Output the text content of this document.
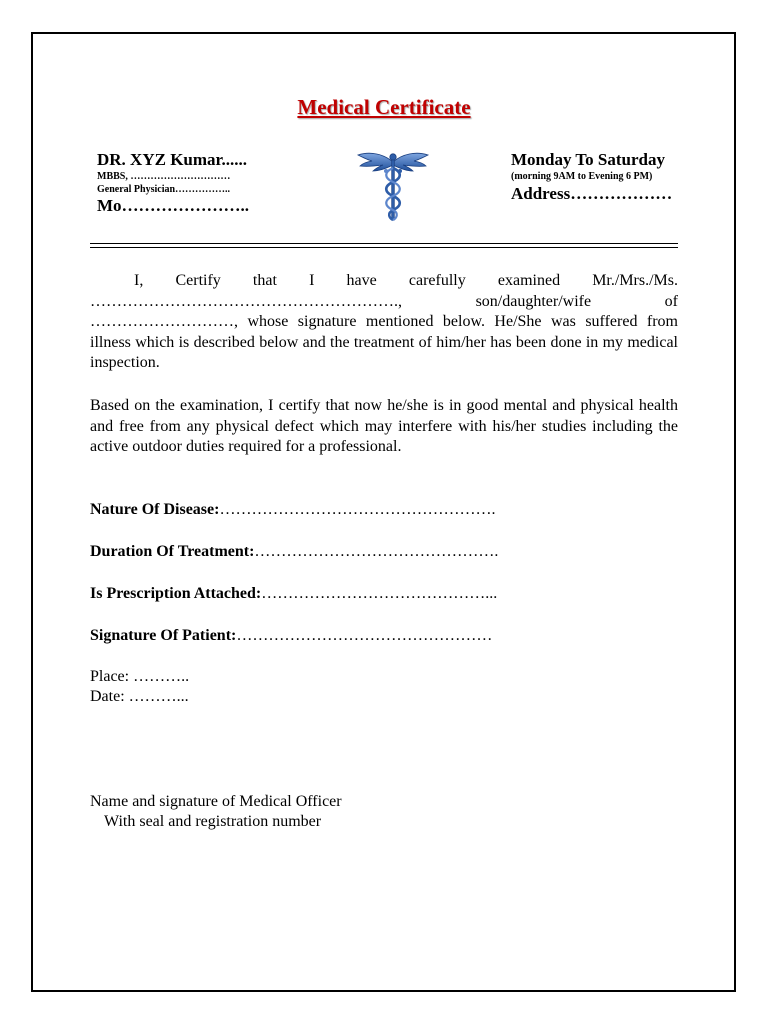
Medical Certificate
DR. XYZ Kumar......
MBBS, …………………………
General Physician……………..
Mo…………………..
Monday To Saturday
(morning 9AM to Evening 6 PM)
Address………………
I, Certify that I have carefully examined Mr./Mrs./Ms. …………………………………………………., son/daughter/wife of ………………………, whose signature mentioned below. He/She was suffered from illness which is described below and the treatment of him/her has been done in my medical inspection.
Based on the examination, I certify that now he/she is in good mental and physical health and free from any physical defect which may interfere with his/her studies including the active outdoor duties required for a professional.
Nature Of Disease:…………………………………………….
Duration Of Treatment:……………………………………….
Is Prescription Attached:……………………………………...
Signature Of Patient:…………………………………………
Place: ………..
Date: ………...
Name and signature of Medical Officer
With seal and registration number
